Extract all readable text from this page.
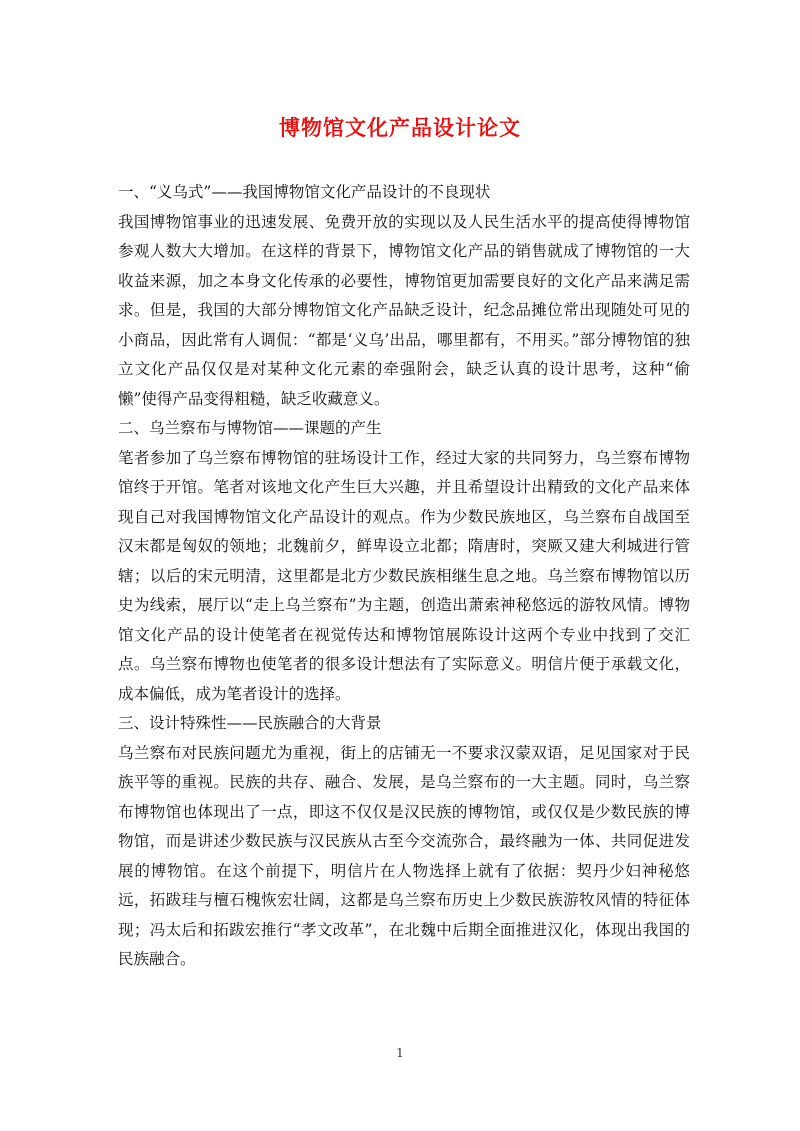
博物馆文化产品设计论文

一、“义乌式”——我国博物馆文化产品设计的不良现状

我国博物馆事业的迅速发展、免费开放的实现以及人民生活水平的提高使得博物馆参观人数大大增加。在这样的背景下，博物馆文化产品的销售就成了博物馆的一大收益来源，加之本身文化传承的必要性，博物馆更加需要良好的文化产品来满足需求。但是，我国的大部分博物馆文化产品缺乏设计，纪念品摊位常出现随处可见的小商品，因此常有人调侃：“都是‘义乌’出品，哪里都有，不用买。”部分博物馆的独立文化产品仅仅是对某种文化元素的牵强附会，缺乏认真的设计思考，这种“偷懒”使得产品变得粗糙，缺乏收藏意义。

二、乌兰察布与博物馆——课题的产生

笔者参加了乌兰察布博物馆的驻场设计工作，经过大家的共同努力，乌兰察布博物馆终于开馆。笔者对该地文化产生巨大兴趣，并且希望设计出精致的文化产品来体现自己对我国博物馆文化产品设计的观点。作为少数民族地区，乌兰察布自战国至汉末都是匈奴的领地；北魏前夕，鲜卑设立北都；隋唐时，突厥又建大利城进行管辖；以后的宋元明清，这里都是北方少数民族相继生息之地。乌兰察布博物馆以历史为线索，展厅以“走上乌兰察布”为主题，创造出萧索神秘悠远的游牧风情。博物馆文化产品的设计使笔者在视觉传达和博物馆展陈设计这两个专业中找到了交汇点。乌兰察布博物也使笔者的很多设计想法有了实际意义。明信片便于承载文化，成本偏低，成为笔者设计的选择。

三、设计特殊性——民族融合的大背景

乌兰察布对民族问题尤为重视，街上的店铺无一不要求汉蒙双语，足见国家对于民族平等的重视。民族的共存、融合、发展，是乌兰察布的一大主题。同时，乌兰察布博物馆也体现出了一点，即这不仅仅是汉民族的博物馆，或仅仅是少数民族的博物馆，而是讲述少数民族与汉民族从古至今交流弥合，最终融为一体、共同促进发展的博物馆。在这个前提下，明信片在人物选择上就有了依据：契丹少妇神秘悠远，拓跋珪与檀石槐恢宏壮阔，这都是乌兰察布历史上少数民族游牧风情的特征体现；冯太后和拓跋宏推行“孝文改革”，在北魏中后期全面推进汉化，体现出我国的民族融合。

1
